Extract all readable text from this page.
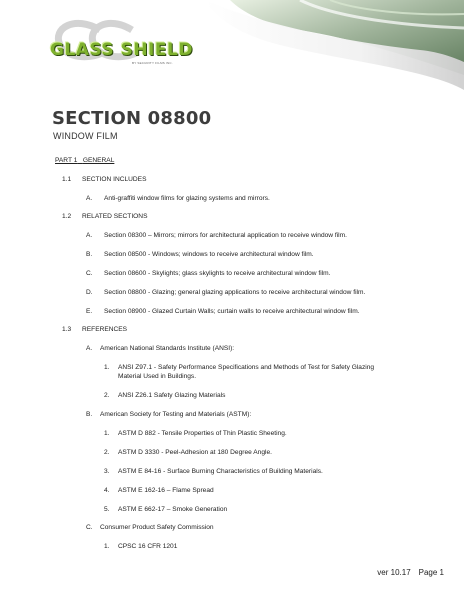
GLASS SHIELD
BY SECURITY FILMS INC.
SECTION 08800
WINDOW FILM
PART 1 GENERAL
1.1 SECTION INCLUDES
A. Anti-graffiti window films for glazing systems and mirrors.
1.2 RELATED SECTIONS
A. Section 08300 – Mirrors; mirrors for architectural application to receive window film.
B. Section 08500 - Windows; windows to receive architectural window film.
C. Section 08600 - Skylights; glass skylights to receive architectural window film.
D. Section 08800 - Glazing; general glazing applications to receive architectural window film.
E. Section 08900 - Glazed Curtain Walls; curtain walls to receive architectural window film.
1.3 REFERENCES
A. American National Standards Institute (ANSI):
1. ANSI Z97.1 - Safety Performance Specifications and Methods of Test for Safety Glazing
Material Used in Buildings.
2. ANSI Z26.1 Safety Glazing Materials
B. American Society for Testing and Materials (ASTM):
1. ASTM D 882 - Tensile Properties of Thin Plastic Sheeting.
2. ASTM D 3330 - Peel-Adhesion at 180 Degree Angle.
3. ASTM E 84-16 - Surface Burning Characteristics of Building Materials.
4. ASTM E 162-16 – Flame Spread
5. ASTM E 662-17 – Smoke Generation
C. Consumer Product Safety Commission
1. CPSC 16 CFR 1201
ver 10.17 Page 1
